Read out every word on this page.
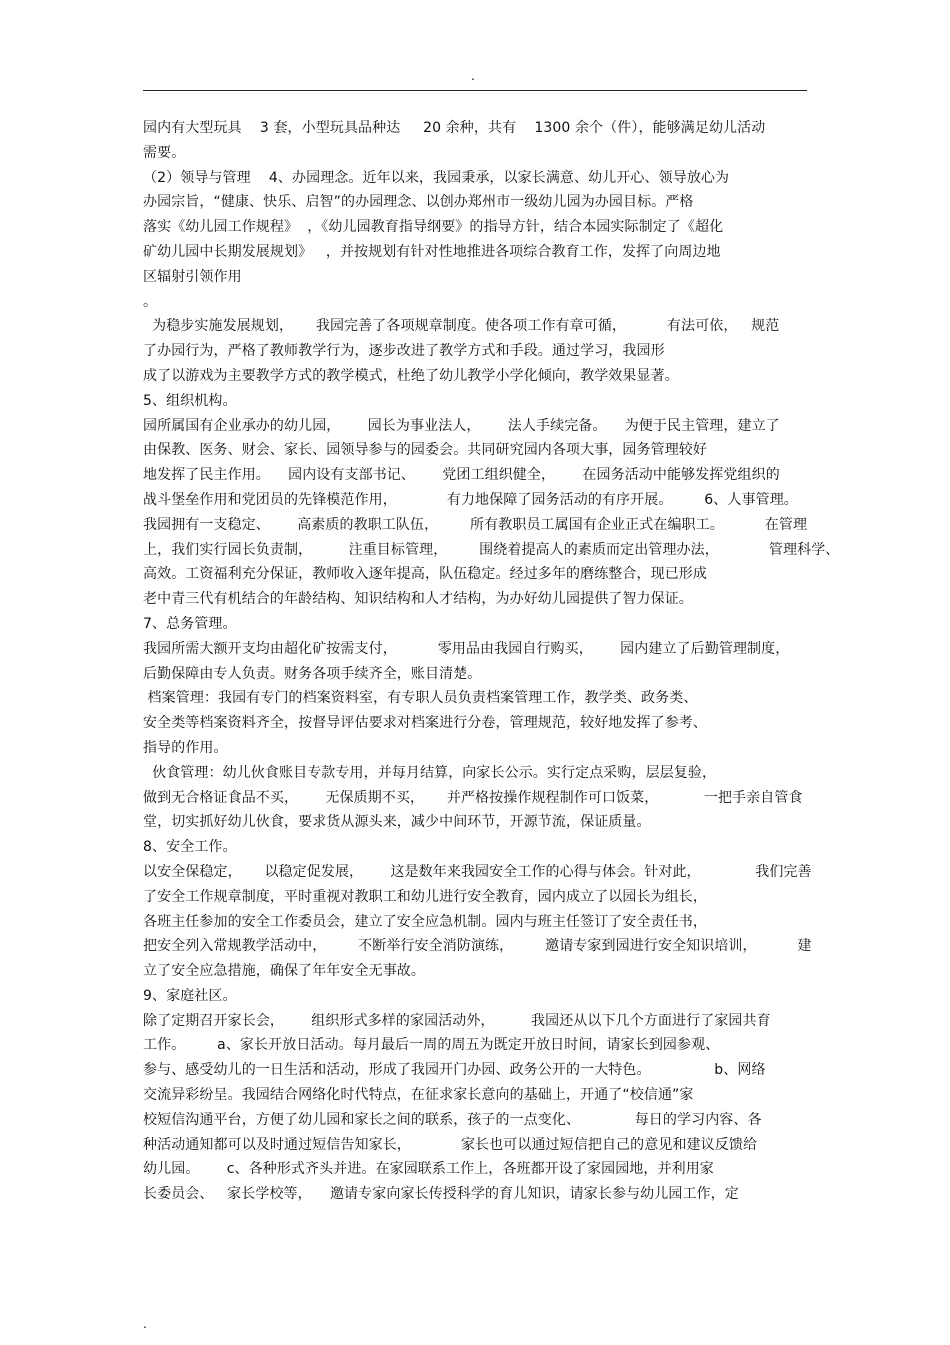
.
园内有大型玩具    3 套，小型玩具品种达     20 余种，共有    1300 余个（件），能够满足幼儿活动
需要。
（2）领导与管理    4、办园理念。近年以来，我园秉承，以家长满意、幼儿开心、领导放心为
办园宗旨，“健康、快乐、启智”的办园理念、以创办郑州市一级幼儿园为办园目标。严格
落实《幼儿园工作规程》  ，《幼儿园教育指导纲要》的指导方针，结合本园实际制定了《超化
矿幼儿园中长期发展规划》   ，并按规划有针对性地推进各项综合教育工作，发挥了向周边地
区辐射引领作用
。
为稳步实施发展规划，     我园完善了各项规章制度。使各项工作有章可循，         有法可依，   规范
了办园行为，严格了教师教学行为，逐步改进了教学方式和手段。通过学习，我园形
成了以游戏为主要教学方式的教学模式，杜绝了幼儿教学小学化倾向，教学效果显著。
5、组织机构。
园所属国有企业承办的幼儿园，      园长为事业法人，      法人手续完备。    为便于民主管理，建立了
由保教、医务、财会、家长、园领导参与的园委会。共同研究园内各项大事，园务管理较好
地发挥了民主作用。    园内设有支部书记、      党团工组织健全，      在园务活动中能够发挥党组织的
战斗堡垒作用和党团员的先锋模范作用，           有力地保障了园务活动的有序开展。       6、人事管理。
我园拥有一支稳定、      高素质的教职工队伍，       所有教职员工属国有企业正式在编职工。         在管理
上，我们实行园长负责制，        注重目标管理，       围绕着提高人的素质而定出管理办法，           管理科学、
高效。工资福利充分保证，教师收入逐年提高，队伍稳定。经过多年的磨练整合，现已形成
老中青三代有机结合的年龄结构、知识结构和人才结构，为办好幼儿园提供了智力保证。
7、总务管理。
我园所需大额开支均由超化矿按需支付，         零用品由我园自行购买，      园内建立了后勤管理制度，
后勤保障由专人负责。财务各项手续齐全，账目清楚。
档案管理：我园有专门的档案资料室，有专职人员负责档案管理工作，教学类、政务类、
安全类等档案资料齐全，按督导评估要求对档案进行分卷，管理规范，较好地发挥了参考、
指导的作用。
伙食管理：幼儿伙食账目专款专用，并每月结算，向家长公示。实行定点采购，层层复验，
做到无合格证食品不买，      无保质期不买，     并严格按操作规程制作可口饭菜，          一把手亲自管食
堂，切实抓好幼儿伙食，要求货从源头来，减少中间环节，开源节流，保证质量。
8、安全工作。
以安全保稳定，     以稳定促发展，      这是数年来我园安全工作的心得与体会。针对此，            我们完善
了安全工作规章制度，平时重视对教职工和幼儿进行安全教育，园内成立了以园长为组长，
各班主任参加的安全工作委员会，建立了安全应急机制。园内与班主任签订了安全责任书，
把安全列入常规教学活动中，       不断举行安全消防演练，       邀请专家到园进行安全知识培训，         建
立了安全应急措施，确保了年年安全无事故。
9、家庭社区。
除了定期召开家长会，      组织形式多样的家园活动外，        我园还从以下几个方面进行了家园共育
工作。       a、家长开放日活动。每月最后一周的周五为既定开放日时间，请家长到园参观、
参与、感受幼儿的一日生活和活动，形成了我园开门办园、政务公开的一大特色。              b、网络
交流异彩纷呈。我园结合网络化时代特点，在征求家长意向的基础上，开通了“校信通”家
校短信沟通平台，方便了幼儿园和家长之间的联系，孩子的一点变化、            每日的学习内容、各
种活动通知都可以及时通过短信告知家长，           家长也可以通过短信把自己的意见和建议反馈给
幼儿园。      c、各种形式齐头并进。在家园联系工作上，各班都开设了家园园地，并利用家
长委员会、   家长学校等，    邀请专家向家长传授科学的育儿知识，请家长参与幼儿园工作，定
.
